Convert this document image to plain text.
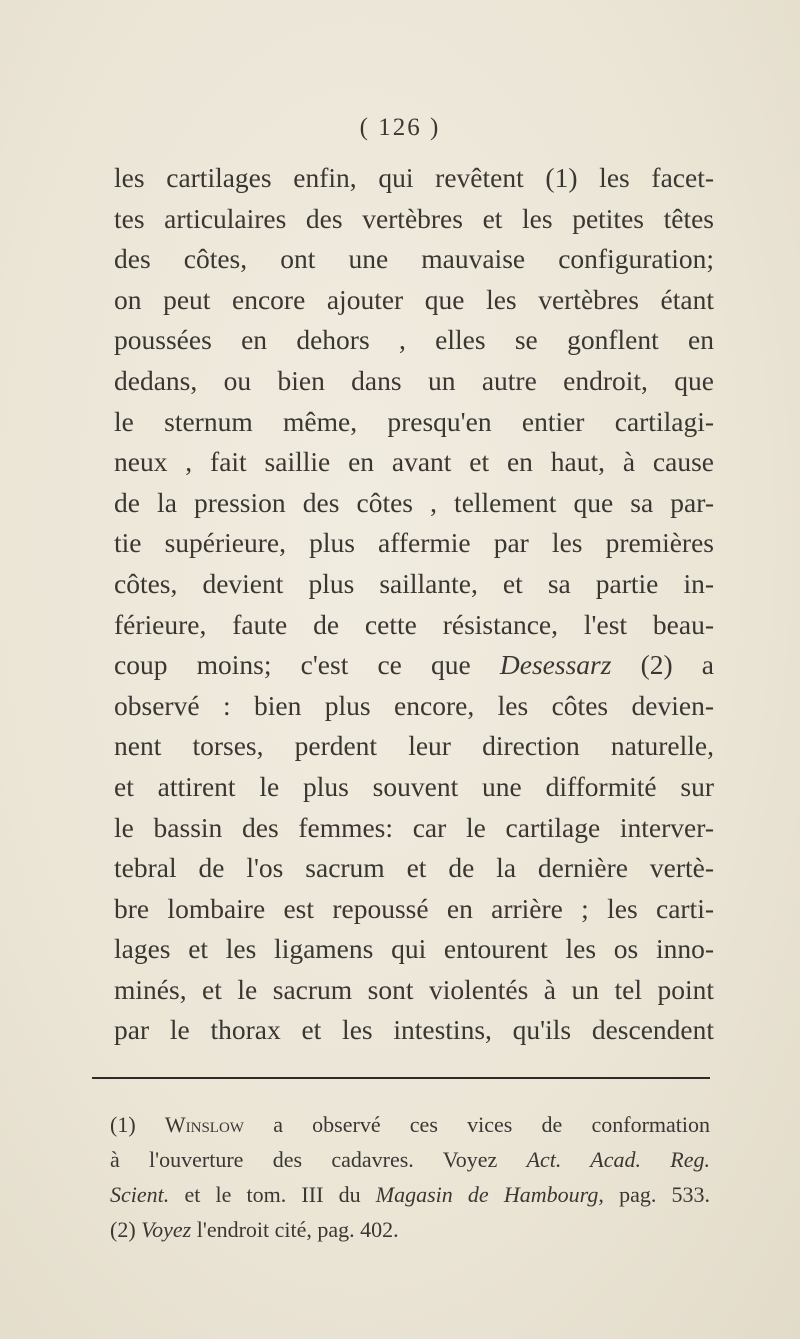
( 126 )
les cartilages enfin, qui revêtent (1) les facet-
tes articulaires des vertèbres et les petites têtes
des côtes, ont une mauvaise configuration;
on peut encore ajouter que les vertèbres étant
poussées en dehors , elles se gonflent en
dedans, ou bien dans un autre endroit, que
le sternum même, presqu'en entier cartilagi-
neux , fait saillie en avant et en haut, à cause
de la pression des côtes , tellement que sa par-
tie supérieure, plus affermie par les premières
côtes, devient plus saillante, et sa partie in-
férieure, faute de cette résistance, l'est beau-
coup moins; c'est ce que Desessarz (2) a
observé : bien plus encore, les côtes devien-
nent torses, perdent leur direction naturelle,
et attirent le plus souvent une difformité sur
le bassin des femmes: car le cartilage interver-
tebral de l'os sacrum et de la dernière vertè-
bre lombaire est repoussé en arrière ; les carti-
lages et les ligamens qui entourent les os inno-
minés, et le sacrum sont violentés à un tel point
par le thorax et les intestins, qu'ils descendent
(1) Winslow a observé ces vices de conformation
à l'ouverture des cadavres. Voyez Act. Acad. Reg.
Scient. et le tom. III du Magasin de Hambourg, pag. 533.
(2) Voyez l'endroit cité, pag. 402.
